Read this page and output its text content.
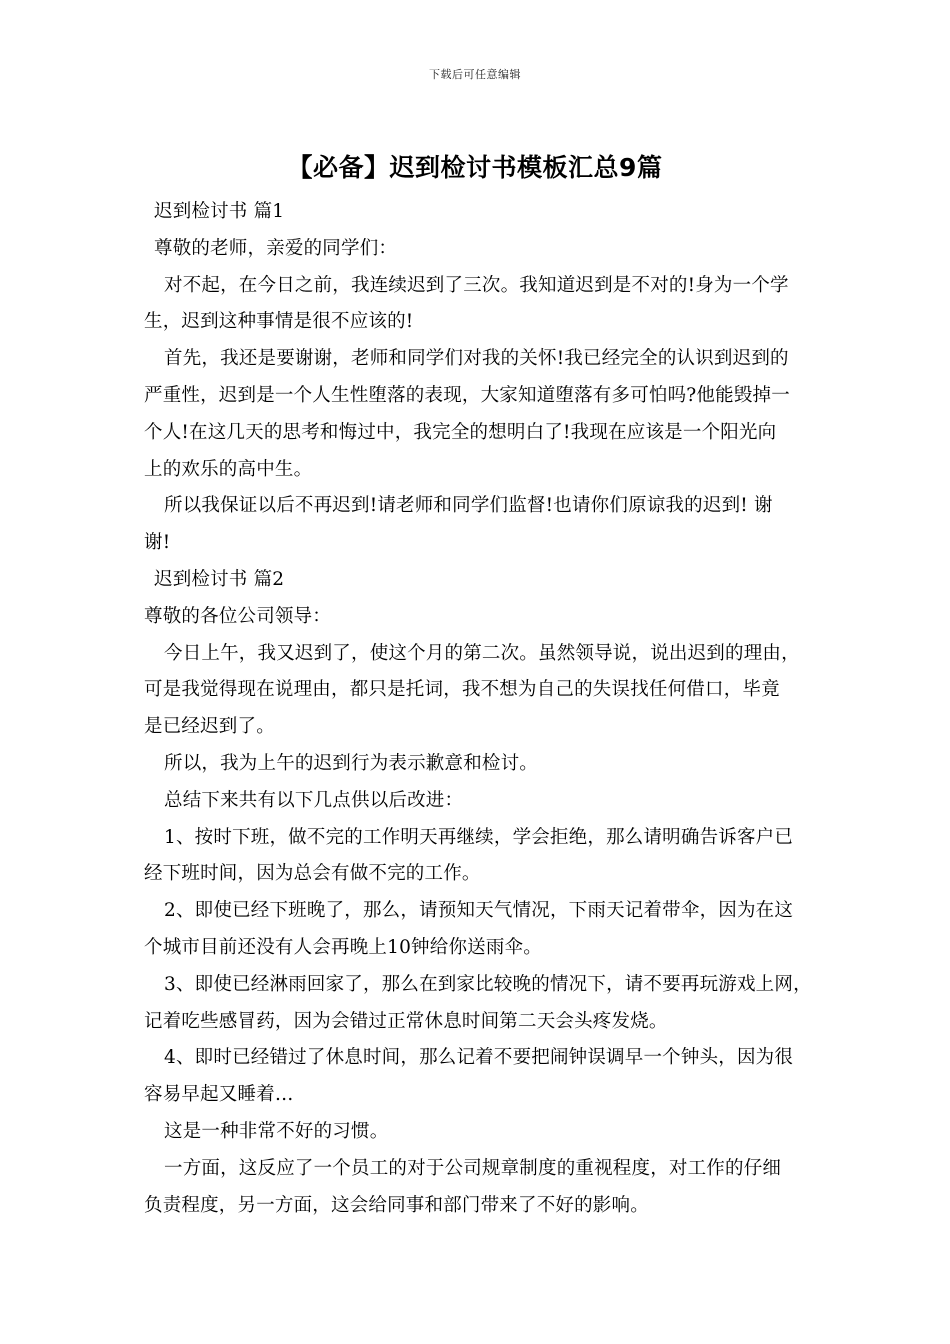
下载后可任意编辑
【必备】迟到检讨书模板汇总9篇
迟到检讨书 篇1
尊敬的老师，亲爱的同学们：
对不起，在今日之前，我连续迟到了三次。我知道迟到是不对的!身为一个学
生，迟到这种事情是很不应该的!
首先，我还是要谢谢，老师和同学们对我的关怀!我已经完全的认识到迟到的
严重性，迟到是一个人生性堕落的表现，大家知道堕落有多可怕吗?他能毁掉一
个人!在这几天的思考和悔过中，我完全的想明白了!我现在应该是一个阳光向
上的欢乐的高中生。
所以我保证以后不再迟到!请老师和同学们监督!也请你们原谅我的迟到! 谢
谢!
迟到检讨书 篇2
尊敬的各位公司领导：
今日上午，我又迟到了，使这个月的第二次。虽然领导说，说出迟到的理由，
可是我觉得现在说理由，都只是托词，我不想为自己的失误找任何借口，毕竟
是已经迟到了。
所以，我为上午的迟到行为表示歉意和检讨。
总结下来共有以下几点供以后改进：
1、按时下班，做不完的工作明天再继续，学会拒绝，那么请明确告诉客户已
经下班时间，因为总会有做不完的工作。
2、即使已经下班晚了，那么，请预知天气情况，下雨天记着带伞，因为在这
个城市目前还没有人会再晚上10钟给你送雨伞。
3、即使已经淋雨回家了，那么在到家比较晚的情况下，请不要再玩游戏上网，
记着吃些感冒药，因为会错过正常休息时间第二天会头疼发烧。
4、即时已经错过了休息时间，那么记着不要把闹钟误调早一个钟头，因为很
容易早起又睡着…
这是一种非常不好的习惯。
一方面，这反应了一个员工的对于公司规章制度的重视程度，对工作的仔细
负责程度，另一方面，这会给同事和部门带来了不好的影响。
